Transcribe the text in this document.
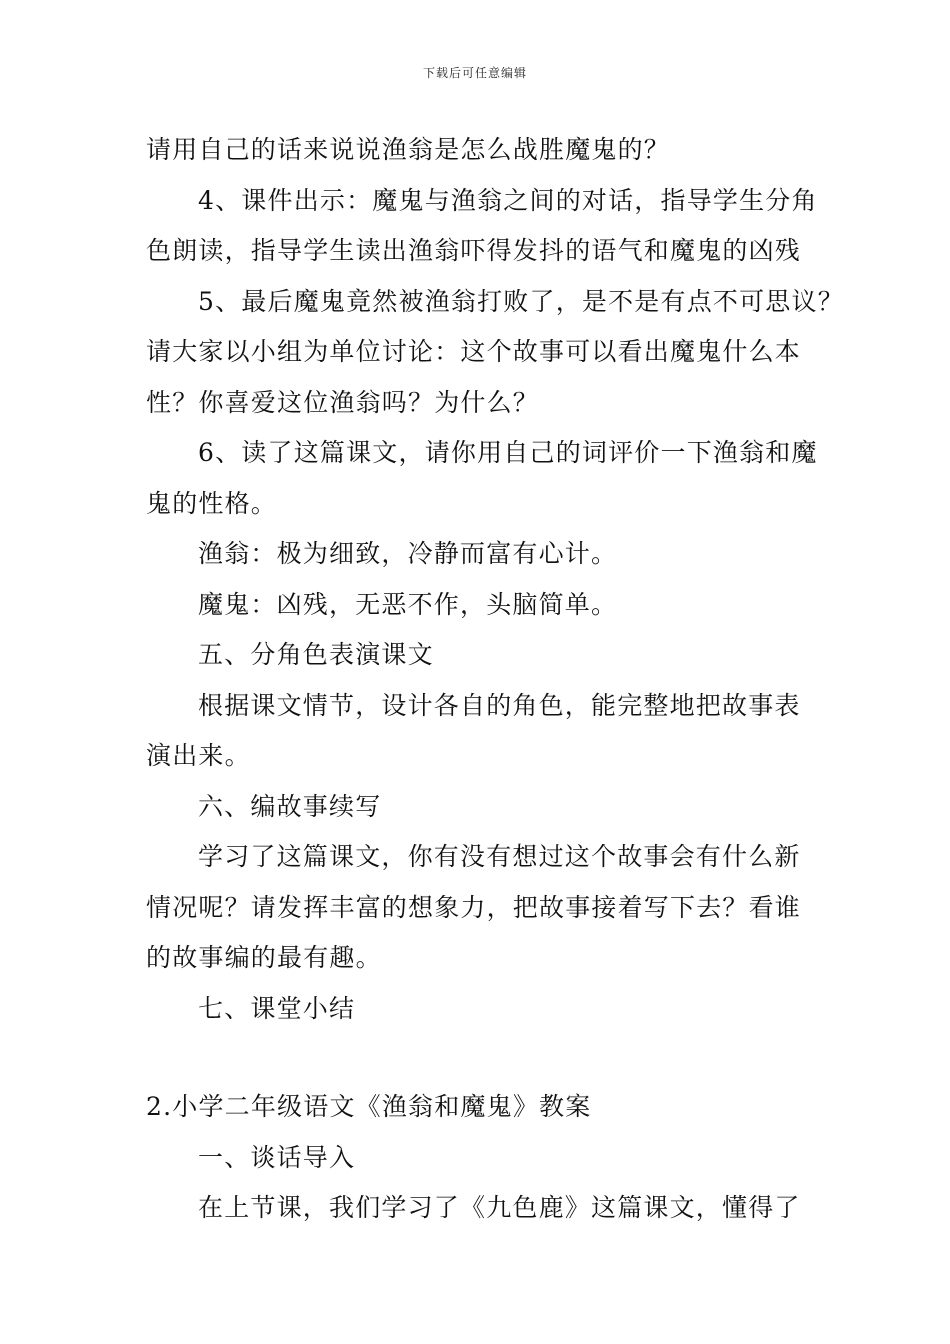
下载后可任意编辑
请用自己的话来说说渔翁是怎么战胜魔鬼的？
4、课件出示：魔鬼与渔翁之间的对话，指导学生分角
色朗读，指导学生读出渔翁吓得发抖的语气和魔鬼的凶残
5、最后魔鬼竟然被渔翁打败了，是不是有点不可思议？
请大家以小组为单位讨论：这个故事可以看出魔鬼什么本
性？你喜爱这位渔翁吗？为什么？
6、读了这篇课文，请你用自己的词评价一下渔翁和魔
鬼的性格。
渔翁：极为细致，冷静而富有心计。
魔鬼：凶残，无恶不作，头脑简单。
五、分角色表演课文
根据课文情节，设计各自的角色，能完整地把故事表
演出来。
六、编故事续写
学习了这篇课文，你有没有想过这个故事会有什么新
情况呢？请发挥丰富的想象力，把故事接着写下去？看谁
的故事编的最有趣。
七、课堂小结
2.小学二年级语文《渔翁和魔鬼》教案
一、谈话导入
在上节课，我们学习了《九色鹿》这篇课文，懂得了
